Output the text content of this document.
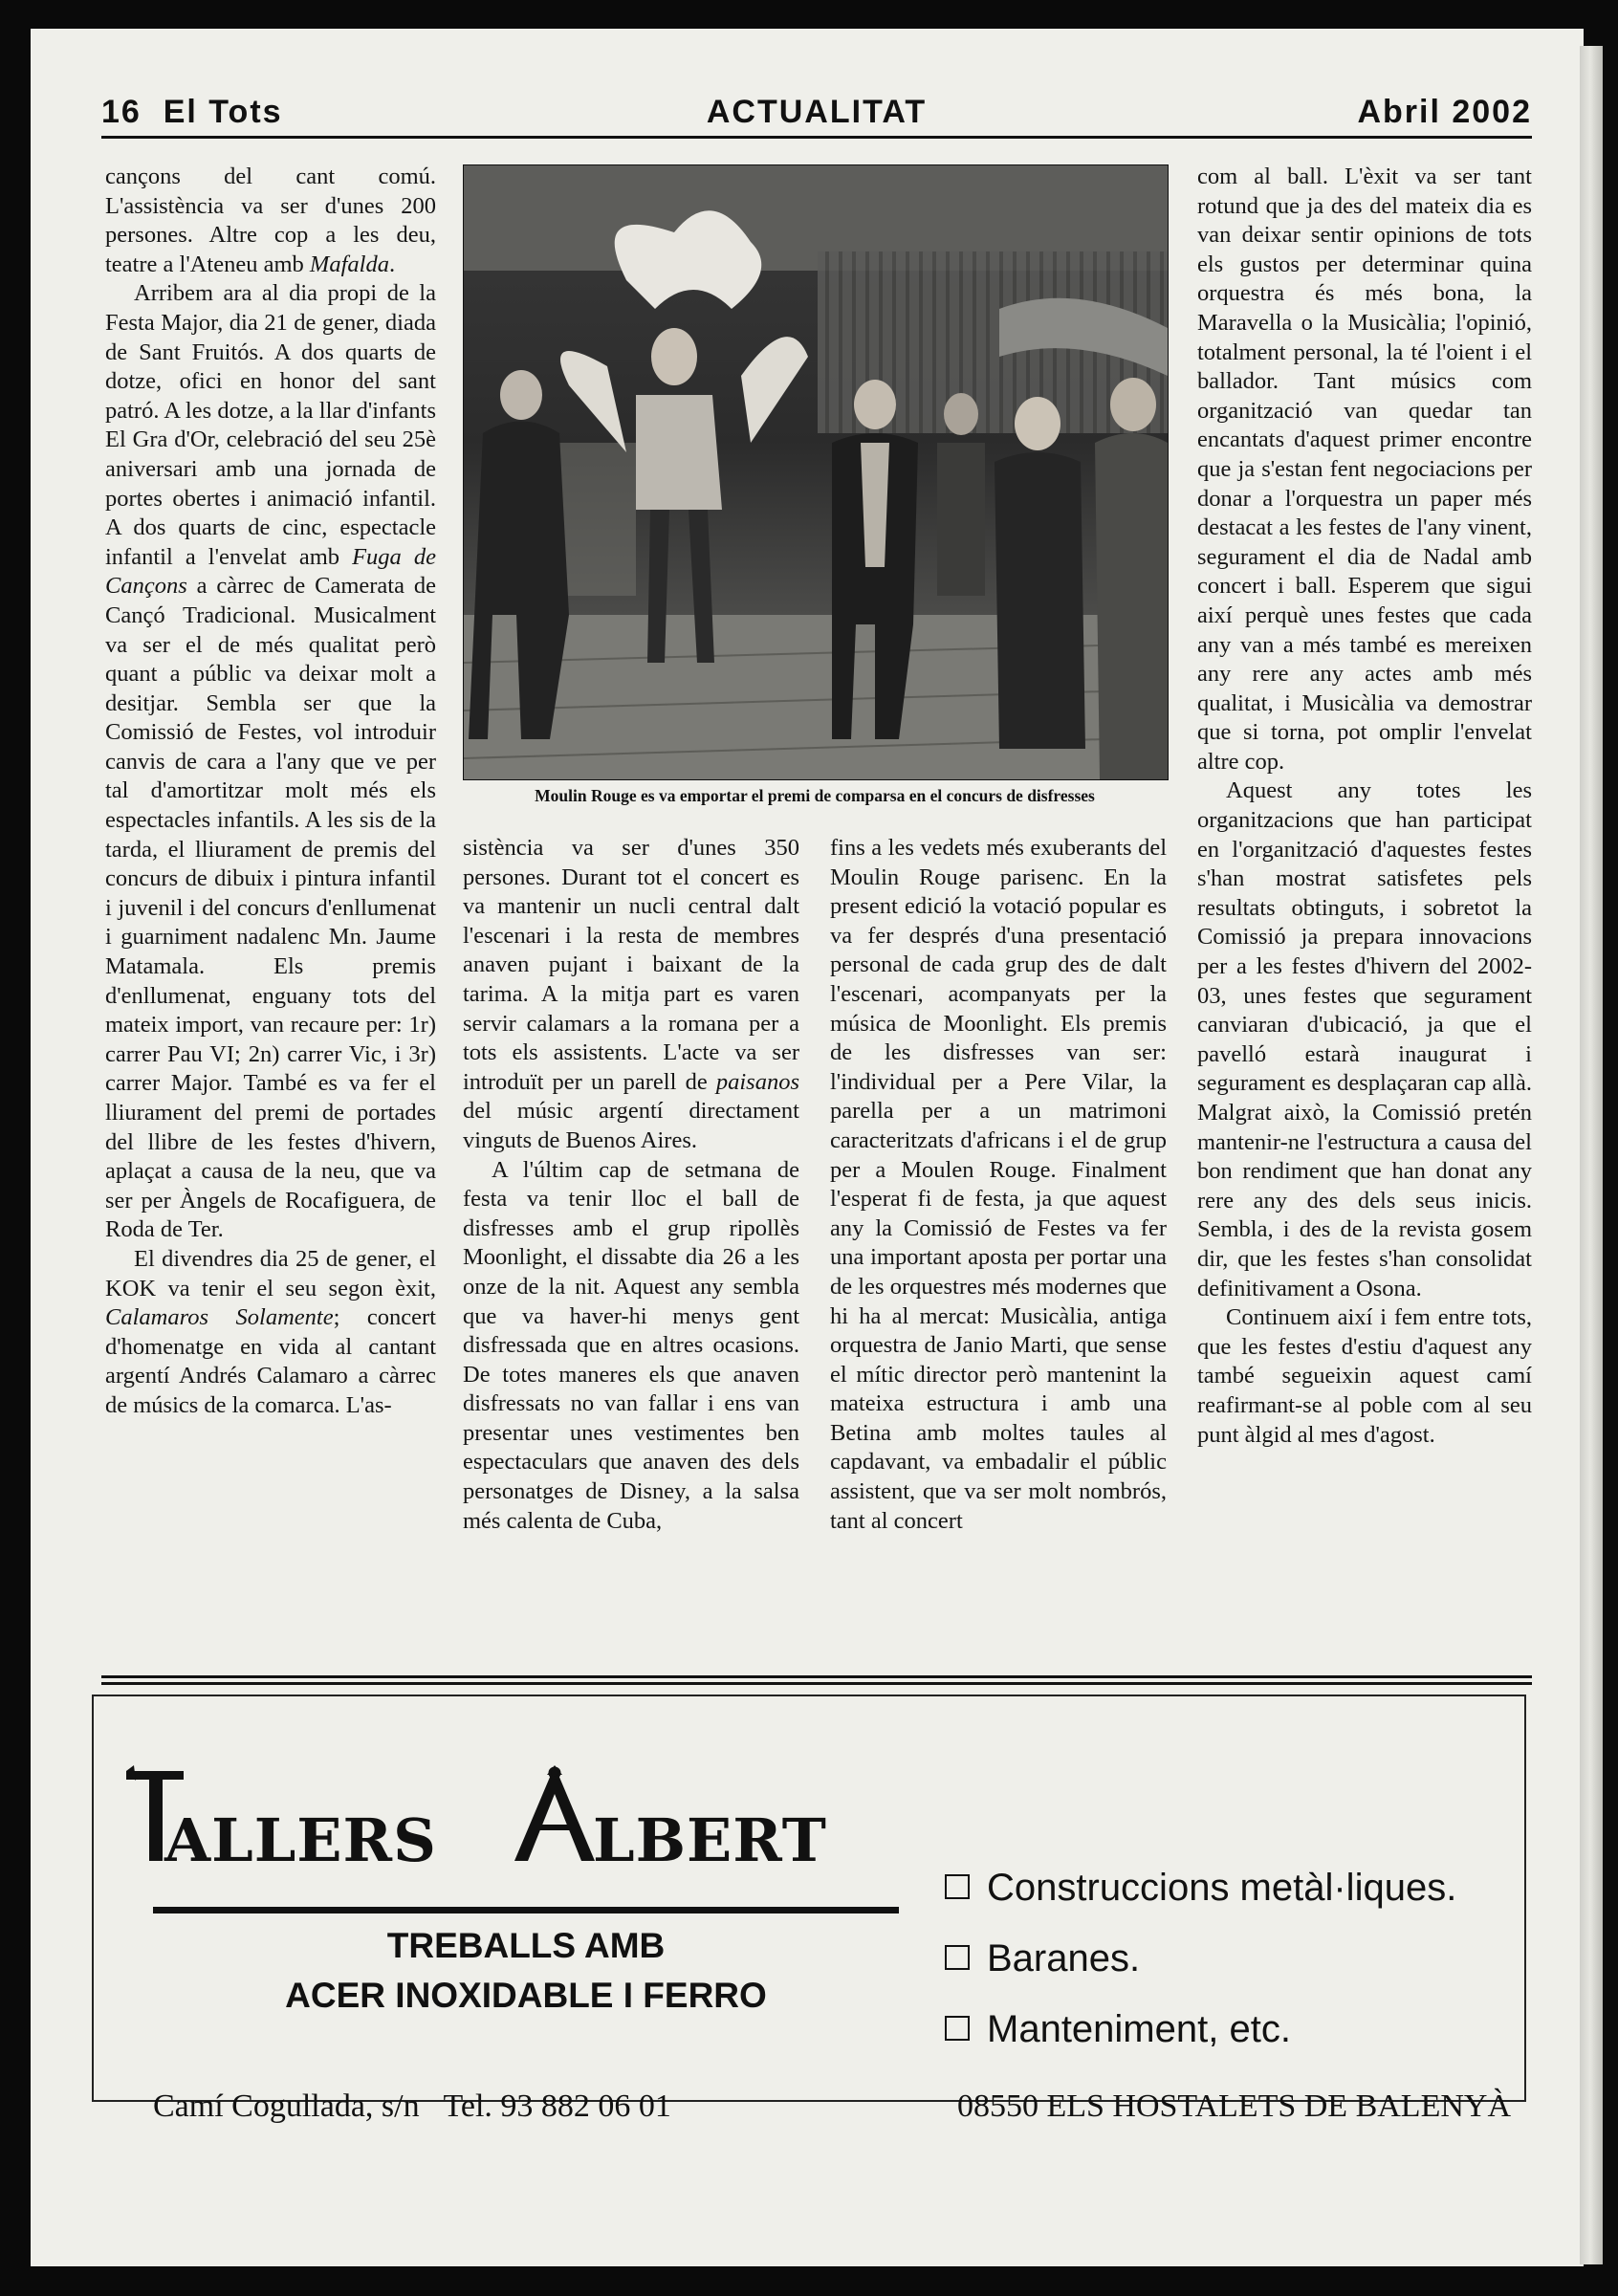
16 El Tots	ACTUALITAT	Abril 2002

cançons del cant comú. L'assistència va ser d'unes 200 persones. Altre cop a les deu, teatre a l'Ateneu amb Mafalda.

Arribem ara al dia propi de la Festa Major, dia 21 de gener, diada de Sant Fruitós. A dos quarts de dotze, ofici en honor del sant patró. A les dotze, a la llar d'infants El Gra d'Or, celebració del seu 25è aniversari amb una jornada de portes obertes i animació infantil. A dos quarts de cinc, espectacle infantil a l'envelat amb Fuga de Cançons a càrrec de Camerata de Cançó Tradicional. Musicalment va ser el de més qualitat però quant a públic va deixar molt a desitjar. Sembla ser que la Comissió de Festes, vol introduir canvis de cara a l'any que ve per tal d'amortitzar molt més els espectacles infantils. A les sis de la tarda, el lliurament de premis del concurs de dibuix i pintura infantil i juvenil i del concurs d'enllumenat i guarniment nadalenc Mn. Jaume Matamala. Els premis d'enllumenat, enguany tots del mateix import, van recaure per: 1r) carrer Pau VI; 2n) carrer Vic, i 3r) carrer Major. També es va fer el lliurament del premi de portades del llibre de les festes d'hivern, aplaçat a causa de la neu, que va ser per Àngels de Rocafiguera, de Roda de Ter.

El divendres dia 25 de gener, el KOK va tenir el seu segon èxit, Calamaros Solamente; concert d'homenatge en vida al cantant argentí Andrés Calamaro a càrrec de músics de la comarca. L'as-

Moulin Rouge es va emportar el premi de comparsa en el concurs de disfresses

sistència va ser d'unes 350 persones. Durant tot el concert es va mantenir un nucli central dalt l'escenari i la resta de membres anaven pujant i baixant de la tarima. A la mitja part es varen servir calamars a la romana per a tots els assistents. L'acte va ser introduït per un parell de paisanos del músic argentí directament vinguts de Buenos Aires.

A l'últim cap de setmana de festa va tenir lloc el ball de disfresses amb el grup ripollès Moonlight, el dissabte dia 26 a les onze de la nit. Aquest any sembla que va haver-hi menys gent disfressada que en altres ocasions. De totes maneres els que anaven disfressats no van fallar i ens van presentar unes vestimentes ben espectaculars que anaven des dels personatges de Disney, a la salsa més calenta de Cuba,

fins a les vedets més exuberants del Moulin Rouge parisenc. En la present edició la votació popular es va fer després d'una presentació personal de cada grup des de dalt l'escenari, acompanyats per la música de Moonlight. Els premis de les disfresses van ser: l'individual per a Pere Vilar, la parella per a un matrimoni caracteritzats d'africans i el de grup per a Moulen Rouge. Finalment l'esperat fi de festa, ja que aquest any la Comissió de Festes va fer una important aposta per portar una de les orquestres més modernes que hi ha al mercat: Musicàlia, antiga orquestra de Janio Marti, que sense el mític director però mantenint la mateixa estructura i amb una Betina amb moltes taules al capdavant, va embadalir el públic assistent, que va ser molt nombrós, tant al concert

com al ball. L'èxit va ser tant rotund que ja des del mateix dia es van deixar sentir opinions de tots els gustos per determinar quina orquestra és més bona, la Maravella o la Musicàlia; l'opinió, totalment personal, la té l'oient i el ballador. Tant músics com organització van quedar tan encantats d'aquest primer encontre que ja s'estan fent negociacions per donar a l'orquestra un paper més destacat a les festes de l'any vinent, segurament el dia de Nadal amb concert i ball. Esperem que sigui així perquè unes festes que cada any van a més també es mereixen any rere any actes amb més qualitat, i Musicàlia va demostrar que si torna, pot omplir l'envelat altre cop.

Aquest any totes les organitzacions que han participat en l'organització d'aquestes festes s'han mostrat satisfetes pels resultats obtinguts, i sobretot la Comissió ja prepara innovacions per a les festes d'hivern del 2002-03, unes festes que segurament canviaran d'ubicació, ja que el pavelló estarà inaugurat i segurament es desplaçaran cap allà. Malgrat això, la Comissió pretén mantenir-ne l'estructura a causa del bon rendiment que han donat any rere any des dels seus inicis. Sembla, i des de la revista gosem dir, que les festes s'han consolidat definitivament a Osona.

Continuem així i fem entre tots, que les festes d'estiu d'aquest any també segueixin aquest camí reafirmant-se al poble com al seu punt àlgid al mes d'agost.

ALLERS	LBERT
TREBALLS AMB
ACER INOXIDABLE I FERRO
Construccions metàl·liques.
Baranes.
Manteniment, etc.
Camí Cogullada, s/n   Tel. 93 882 06 01	08550 ELS HOSTALETS DE BALENYÀ
